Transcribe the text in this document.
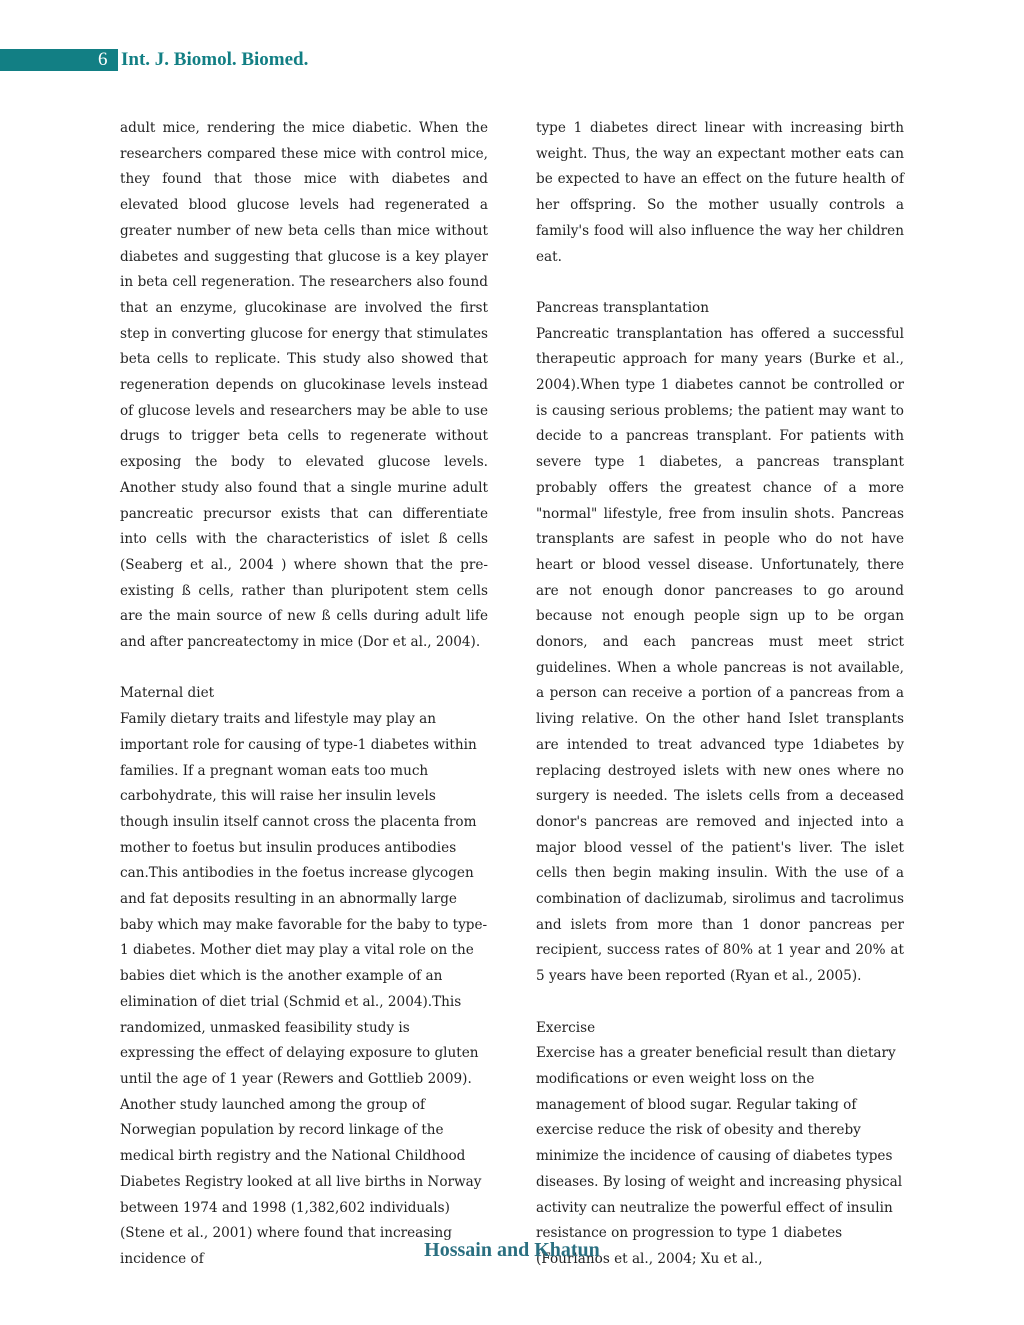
6 Int. J. Biomol. Biomed.

adult mice, rendering the mice diabetic. When the researchers compared these mice with control mice, they found that those mice with diabetes and elevated blood glucose levels had regenerated a greater number of new beta cells than mice without diabetes and suggesting that glucose is a key player in beta cell regeneration. The researchers also found that an enzyme, glucokinase are involved the first step in converting glucose for energy that stimulates beta cells to replicate. This study also showed that regeneration depends on glucokinase levels instead of glucose levels and researchers may be able to use drugs to trigger beta cells to regenerate without exposing the body to elevated glucose levels. Another study also found that a single murine adult pancreatic precursor exists that can differentiate into cells with the characteristics of islet ß cells (Seaberg et al., 2004 ) where shown that the pre-existing ß cells, rather than pluripotent stem cells are the main source of new ß cells during adult life and after pancreatectomy in mice (Dor et al., 2004).

Maternal diet

Family dietary traits and lifestyle may play an important role for causing of type-1 diabetes within families. If a pregnant woman eats too much carbohydrate, this will raise her insulin levels though insulin itself cannot cross the placenta from mother to foetus but insulin produces antibodies can.This antibodies in the foetus increase glycogen and fat deposits resulting in an abnormally large baby which may make favorable for the baby to type-1 diabetes. Mother diet may play a vital role on the babies diet which is the another example of an elimination of diet trial (Schmid et al., 2004).This randomized, unmasked feasibility study is expressing the effect of delaying exposure to gluten until the age of 1 year (Rewers and Gottlieb 2009). Another study launched among the group of Norwegian population by record linkage of the medical birth registry and the National Childhood Diabetes Registry looked at all live births in Norway between 1974 and 1998 (1,382,602 individuals) (Stene et al., 2001) where found that increasing incidence of

type 1 diabetes direct linear with increasing birth weight. Thus, the way an expectant mother eats can be expected to have an effect on the future health of her offspring. So the mother usually controls a family's food will also influence the way her children eat.

Pancreas transplantation

Pancreatic transplantation has offered a successful therapeutic approach for many years (Burke et al., 2004).When type 1 diabetes cannot be controlled or is causing serious problems; the patient may want to decide to a pancreas transplant. For patients with severe type 1 diabetes, a pancreas transplant probably offers the greatest chance of a more "normal" lifestyle, free from insulin shots. Pancreas transplants are safest in people who do not have heart or blood vessel disease. Unfortunately, there are not enough donor pancreases to go around because not enough people sign up to be organ donors, and each pancreas must meet strict guidelines. When a whole pancreas is not available, a person can receive a portion of a pancreas from a living relative. On the other hand Islet transplants are intended to treat advanced type 1diabetes by replacing destroyed islets with new ones where no surgery is needed. The islets cells from a deceased donor's pancreas are removed and injected into a major blood vessel of the patient's liver. The islet cells then begin making insulin. With the use of a combination of daclizumab, sirolimus and tacrolimus and islets from more than 1 donor pancreas per recipient, success rates of 80% at 1 year and 20% at 5 years have been reported (Ryan et al., 2005).

Exercise

Exercise has a greater beneficial result than dietary modifications or even weight loss on the management of blood sugar. Regular taking of exercise reduce the risk of obesity and thereby minimize the incidence of causing of diabetes types diseases. By losing of weight and increasing physical activity can neutralize the powerful effect of insulin resistance on progression to type 1 diabetes (Fourlanos et al., 2004; Xu et al.,

Hossain and Khatun
